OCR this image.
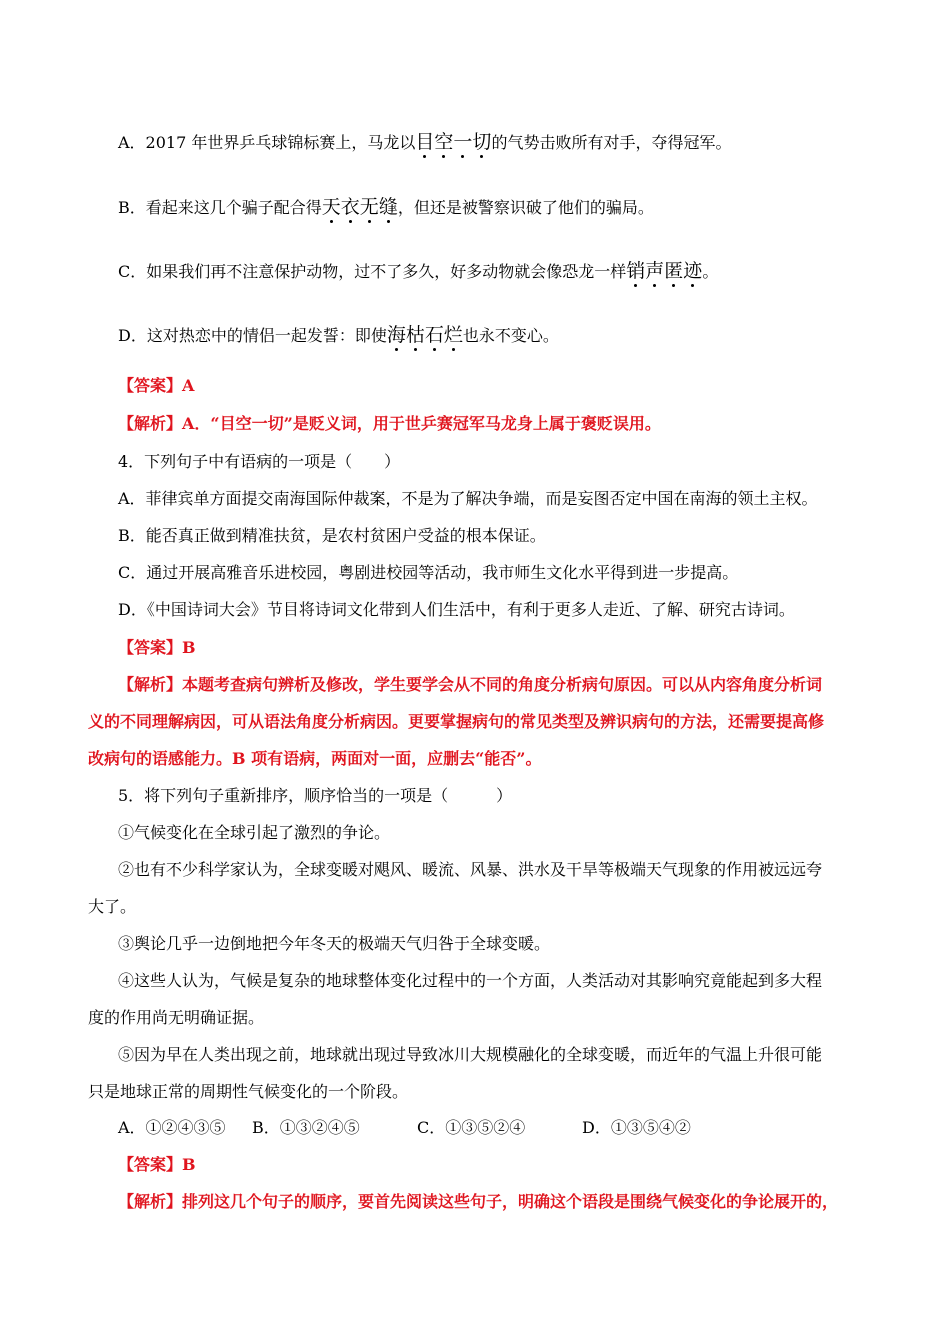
A．2017 年世界乒乓球锦标赛上，马龙以目空一切的气势击败所有对手，夺得冠军。
B．看起来这几个骗子配合得天衣无缝，但还是被警察识破了他们的骗局。
C．如果我们再不注意保护动物，过不了多久，好多动物就会像恐龙一样销声匿迹。
D．这对热恋中的情侣一起发誓：即使海枯石烂也永不变心。
【答案】A
【解析】A．“目空一切”是贬义词，用于世乒赛冠军马龙身上属于褒贬误用。
4．下列句子中有语病的一项是（　　）
A．菲律宾单方面提交南海国际仲裁案，不是为了解决争端，而是妄图否定中国在南海的领土主权。
B．能否真正做到精准扶贫，是农村贫困户受益的根本保证。
C．通过开展高雅音乐进校园，粤剧进校园等活动，我市师生文化水平得到进一步提高。
D．《中国诗词大会》节目将诗词文化带到人们生活中，有利于更多人走近、了解、研究古诗词。
【答案】B
【解析】本题考查病句辨析及修改，学生要学会从不同的角度分析病句原因。可以从内容角度分析词
义的不同理解病因，可从语法角度分析病因。更要掌握病句的常见类型及辨识病句的方法，还需要提高修
改病句的语感能力。B 项有语病，两面对一面，应删去“能否”。
5．将下列句子重新排序，顺序恰当的一项是（　　　）
①气候变化在全球引起了激烈的争论。
②也有不少科学家认为，全球变暖对飓风、暖流、风暴、洪水及干旱等极端天气现象的作用被远远夸
大了。
③舆论几乎一边倒地把今年冬天的极端天气归咎于全球变暖。
④这些人认为，气候是复杂的地球整体变化过程中的一个方面，人类活动对其影响究竟能起到多大程
度的作用尚无明确证据。
⑤因为早在人类出现之前，地球就出现过导致冰川大规模融化的全球变暖，而近年的气温上升很可能
只是地球正常的周期性气候变化的一个阶段。
A．①②④③⑤ B．①③②④⑤	C．①③⑤②④	D．①③⑤④②
【答案】B
【解析】排列这几个句子的顺序，要首先阅读这些句子，明确这个语段是围绕气候变化的争论展开的，
